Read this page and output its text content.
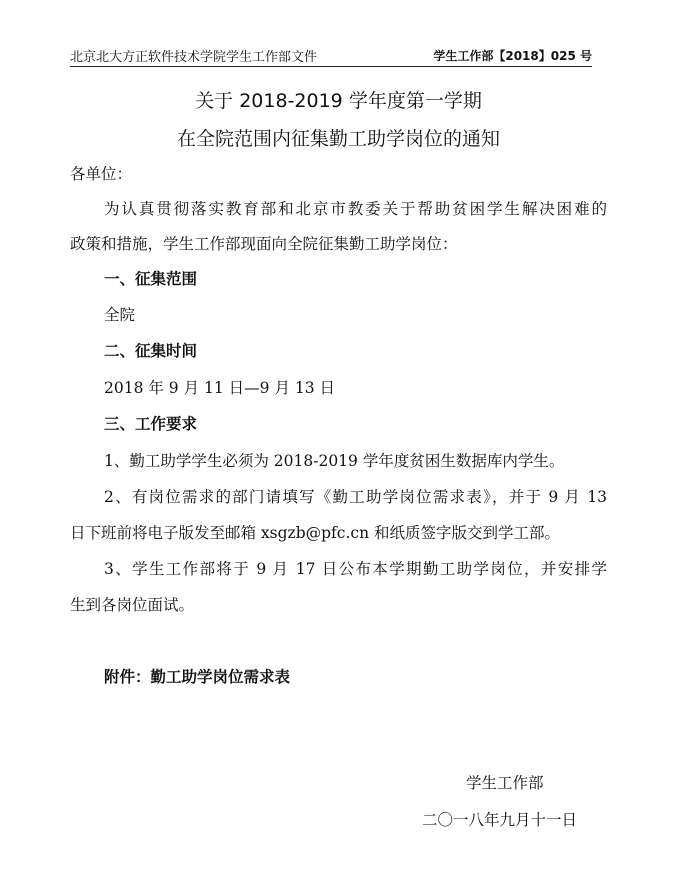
北京北大方正软件技术学院学生工作部文件	学生工作部【2018】025 号
关于 2018-2019 学年度第一学期
在全院范围内征集勤工助学岗位的通知
各单位：
为认真贯彻落实教育部和北京市教委关于帮助贫困学生解决困难的
政策和措施，学生工作部现面向全院征集勤工助学岗位：
一、征集范围
全院
二、征集时间
2018 年 9 月 11 日—9 月 13 日
三、工作要求
1、勤工助学学生必须为 2018-2019 学年度贫困生数据库内学生。
2、有岗位需求的部门请填写《勤工助学岗位需求表》，并于 9 月 13
日下班前将电子版发至邮箱 xsgzb@pfc.cn 和纸质签字版交到学工部。
3、学生工作部将于 9 月 17 日公布本学期勤工助学岗位，并安排学
生到各岗位面试。
附件：勤工助学岗位需求表
学生工作部
二〇一八年九月十一日
